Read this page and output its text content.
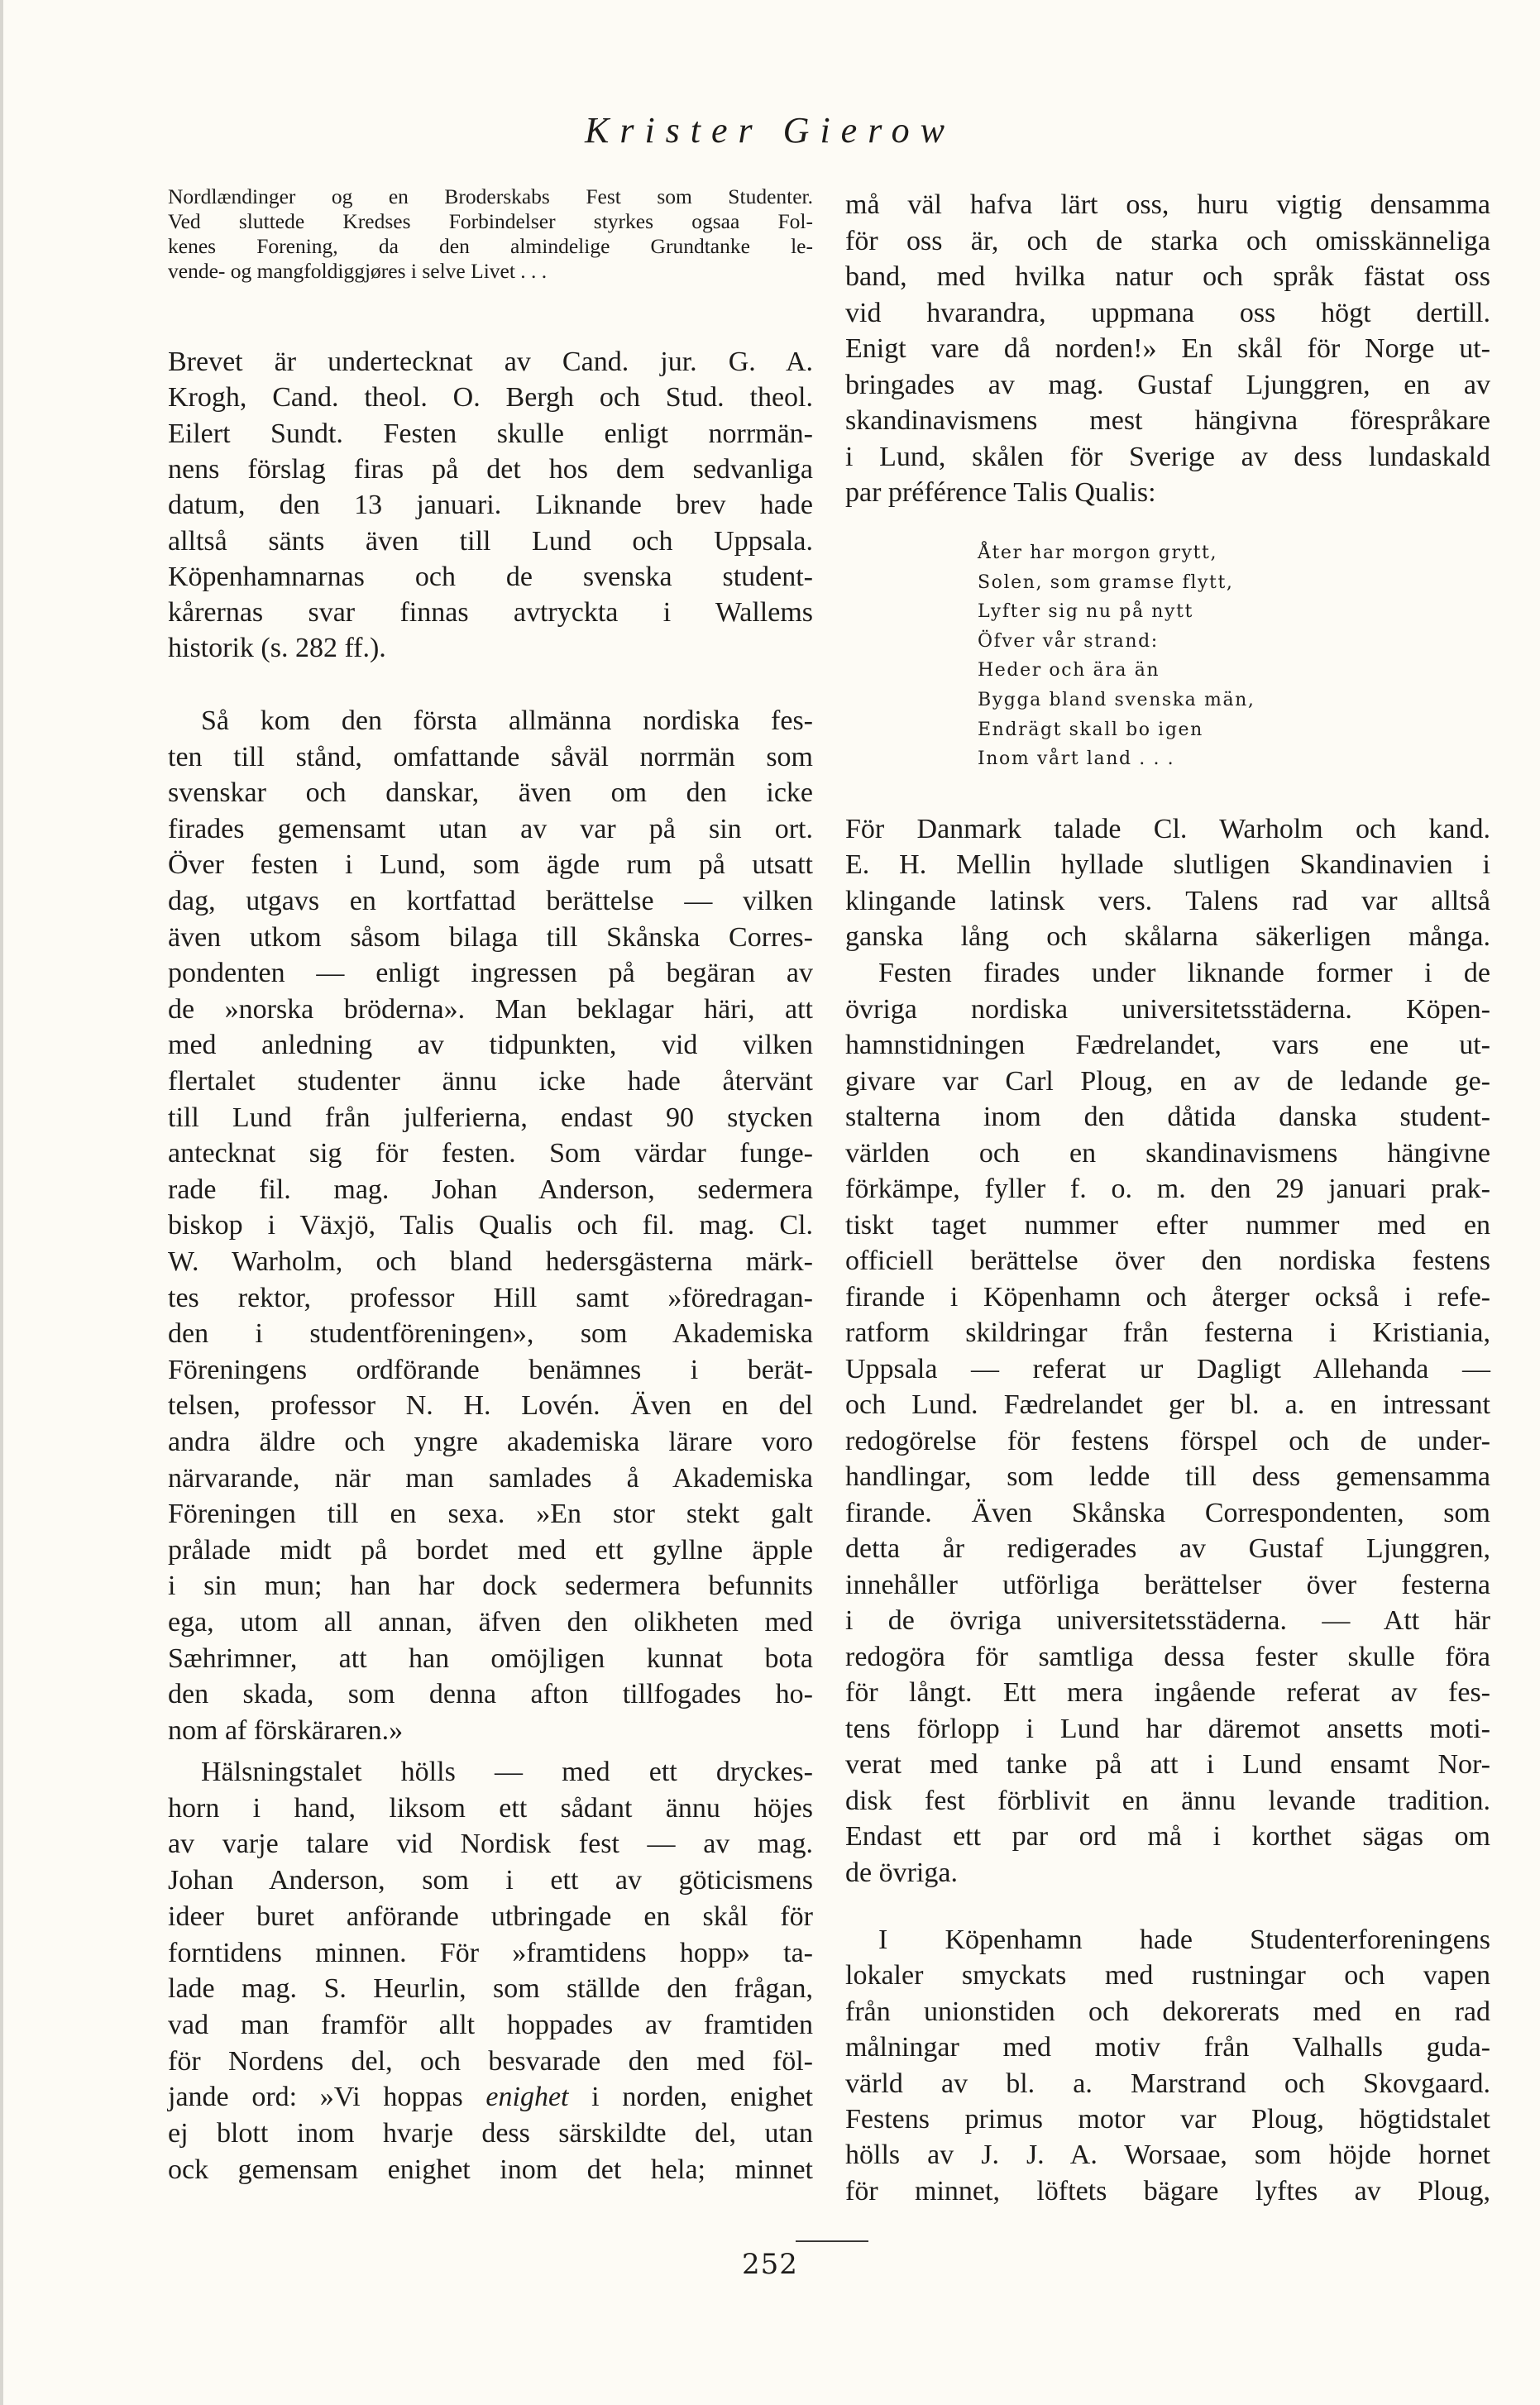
Krister Gierow
Nordlændinger og en Broderskabs Fest som Studenter.
Ved sluttede Kredses Forbindelser styrkes ogsaa Fol-
kenes Forening, da den almindelige Grundtanke le-
vende- og mangfoldiggjøres i selve Livet . . .
Brevet är undertecknat av Cand. jur. G. A.
Krogh, Cand. theol. O. Bergh och Stud. theol.
Eilert Sundt. Festen skulle enligt norrmän-
nens förslag firas på det hos dem sedvanliga
datum, den 13 januari. Liknande brev hade
alltså sänts även till Lund och Uppsala.
Köpenhamnarnas och de svenska student-
kårernas svar finnas avtryckta i Wallems
historik (s. 282 ff.).
Så kom den första allmänna nordiska fes-
ten till stånd, omfattande såväl norrmän som
svenskar och danskar, även om den icke
firades gemensamt utan av var på sin ort.
Över festen i Lund, som ägde rum på utsatt
dag, utgavs en kortfattad berättelse — vilken
även utkom såsom bilaga till Skånska Corres-
pondenten — enligt ingressen på begäran av
de »norska bröderna». Man beklagar häri, att
med anledning av tidpunkten, vid vilken
flertalet studenter ännu icke hade återvänt
till Lund från julferierna, endast 90 stycken
antecknat sig för festen. Som värdar funge-
rade fil. mag. Johan Anderson, sedermera
biskop i Växjö, Talis Qualis och fil. mag. Cl.
W. Warholm, och bland hedersgästerna märk-
tes rektor, professor Hill samt »föredragan-
den i studentföreningen», som Akademiska
Föreningens ordförande benämnes i berät-
telsen, professor N. H. Lovén. Även en del
andra äldre och yngre akademiska lärare voro
närvarande, när man samlades å Akademiska
Föreningen till en sexa. »En stor stekt galt
prålade midt på bordet med ett gyllne äpple
i sin mun; han har dock sedermera befunnits
ega, utom all annan, äfven den olikheten med
Sæhrimner, att han omöjligen kunnat bota
den skada, som denna afton tillfogades ho-
nom af förskäraren.»
Hälsningstalet hölls — med ett dryckes-
horn i hand, liksom ett sådant ännu höjes
av varje talare vid Nordisk fest — av mag.
Johan Anderson, som i ett av göticismens
ideer buret anförande utbringade en skål för
forntidens minnen. För »framtidens hopp» ta-
lade mag. S. Heurlin, som ställde den frågan,
vad man framför allt hoppades av framtiden
för Nordens del, och besvarade den med föl-
jande ord: »Vi hoppas enighet i norden, enighet
ej blott inom hvarje dess särskildte del, utan
ock gemensam enighet inom det hela; minnet
må väl hafva lärt oss, huru vigtig densamma
för oss är, och de starka och omisskänneliga
band, med hvilka natur och språk fästat oss
vid hvarandra, uppmana oss högt dertill.
Enigt vare då norden!» En skål för Norge ut-
bringades av mag. Gustaf Ljunggren, en av
skandinavismens mest hängivna förespråkare
i Lund, skålen för Sverige av dess lundaskald
par préférence Talis Qualis:
Åter har morgon grytt,
Solen, som gramse flytt,
Lyfter sig nu på nytt
Öfver vår strand:
Heder och ära än
Bygga bland svenska män,
Endrägt skall bo igen
Inom vårt land . . .
För Danmark talade Cl. Warholm och kand.
E. H. Mellin hyllade slutligen Skandinavien i
klingande latinsk vers. Talens rad var alltså
ganska lång och skålarna säkerligen många.
Festen firades under liknande former i de
övriga nordiska universitetsstäderna. Köpen-
hamnstidningen Fædrelandet, vars ene ut-
givare var Carl Ploug, en av de ledande ge-
stalterna inom den dåtida danska student-
världen och en skandinavismens hängivne
förkämpe, fyller f. o. m. den 29 januari prak-
tiskt taget nummer efter nummer med en
officiell berättelse över den nordiska festens
firande i Köpenhamn och återger också i refe-
ratform skildringar från festerna i Kristiania,
Uppsala — referat ur Dagligt Allehanda —
och Lund. Fædrelandet ger bl. a. en intressant
redogörelse för festens förspel och de under-
handlingar, som ledde till dess gemensamma
firande. Även Skånska Correspondenten, som
detta år redigerades av Gustaf Ljunggren,
innehåller utförliga berättelser över festerna
i de övriga universitetsstäderna. — Att här
redogöra för samtliga dessa fester skulle föra
för långt. Ett mera ingående referat av fes-
tens förlopp i Lund har däremot ansetts moti-
verat med tanke på att i Lund ensamt Nor-
disk fest förblivit en ännu levande tradition.
Endast ett par ord må i korthet sägas om
de övriga.
I Köpenhamn hade Studenterforeningens
lokaler smyckats med rustningar och vapen
från unionstiden och dekorerats med en rad
målningar med motiv från Valhalls guda-
värld av bl. a. Marstrand och Skovgaard.
Festens primus motor var Ploug, högtidstalet
hölls av J. J. A. Worsaae, som höjde hornet
för minnet, löftets bägare lyftes av Ploug,
252
